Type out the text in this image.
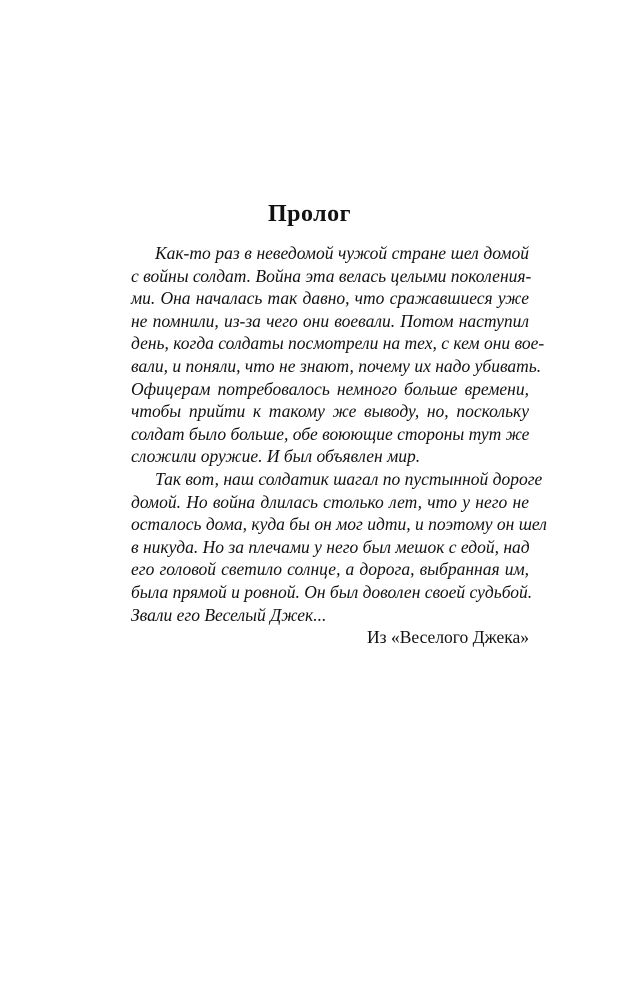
Пролог

Как-то раз в неведомой чужой стране шел домой
с войны солдат. Война эта велась целыми поколения-
ми. Она началась так давно, что сражавшиеся уже
не помнили, из-за чего они воевали. Потом наступил
день, когда солдаты посмотрели на тех, с кем они вое-
вали, и поняли, что не знают, почему их надо убивать.
Офицерам потребовалось немного больше времени,
чтобы прийти к такому же выводу, но, поскольку
солдат было больше, обе воюющие стороны тут же
сложили оружие. И был объявлен мир.

Так вот, наш солдатик шагал по пустынной дороге
домой. Но война длилась столько лет, что у него не
осталось дома, куда бы он мог идти, и поэтому он шел
в никуда. Но за плечами у него был мешок с едой, над
его головой светило солнце, а дорога, выбранная им,
была прямой и ровной. Он был доволен своей судьбой.
Звали его Веселый Джек...

Из «Веселого Джека»
